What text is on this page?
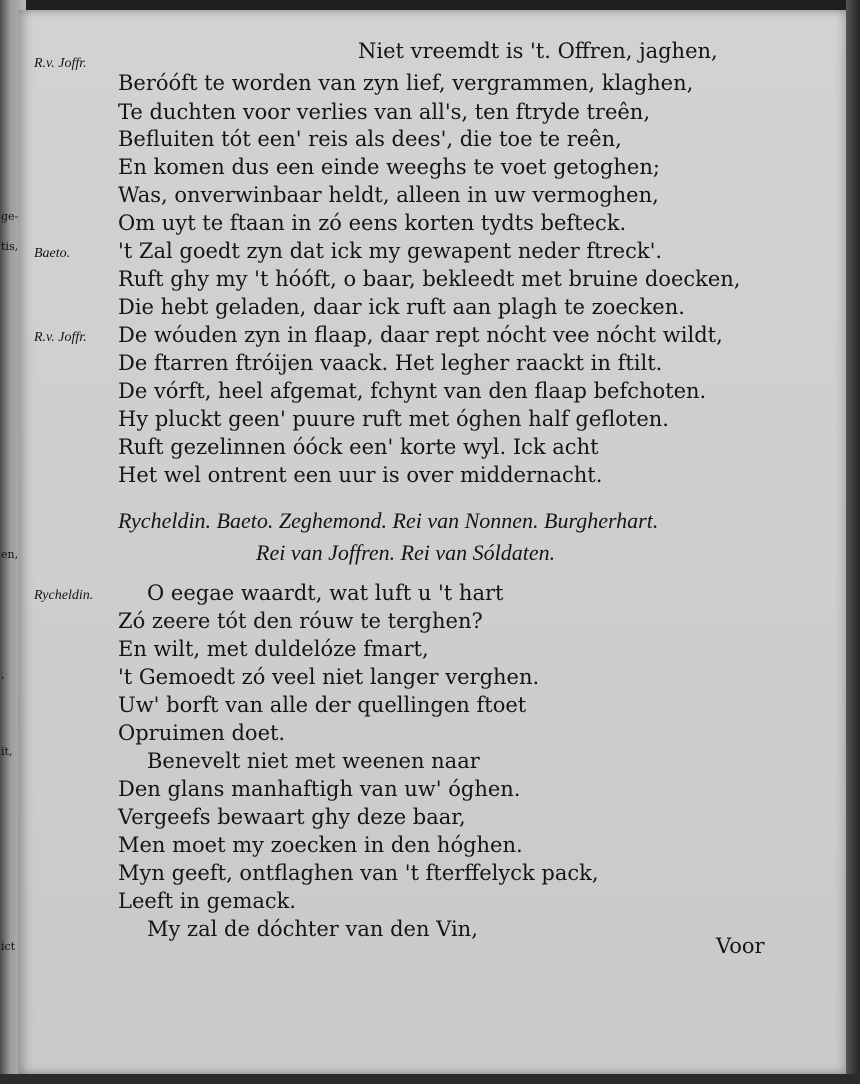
ge-
tis,
en,
,
it,
ict
R.v. Joffr.
Niet vreemdt is 't. Offren, jaghen,
Beróóft te worden van zyn lief, vergrammen, klaghen,
Te duchten voor verlies van all's, ten ftryde treên,
Befluiten tót een' reis als dees', die toe te reên,
En komen dus een einde weeghs te voet getoghen;
Was, onverwinbaar heldt, alleen in uw vermoghen,
Om uyt te ftaan in zó eens korten tydts befteck.
Baeto. 't Zal goedt zyn dat ick my gewapent neder ftreck'.
Ruft ghy my 't hóóft, o baar, bekleedt met bruine doecken,
Die hebt geladen, daar ick ruft aan plagh te zoecken.
R.v. Joffr. De wóuden zyn in flaap, daar rept nócht vee nócht wildt,
De ftarren ftróijen vaack. Het legher raackt in ftilt.
De vórft, heel afgemat, fchynt van den flaap befchoten.
Hy pluckt geen' puure ruft met óghen half gefloten.
Ruft gezelinnen óóck een' korte wyl. Ick acht
Het wel ontrent een uur is over middernacht.
Rycheldin. Baeto. Zeghemond. Rei van Nonnen. Burgherhart.
Rei van Joffren. Rei van Sóldaten.
Rycheldin.	O eegae waardt, wat luft u 't hart
Zó zeere tót den róuw te terghen?
En wilt, met duldelóze fmart,
't Gemoedt zó veel niet langer verghen.
Uw' borft van alle der quellingen ftoet
Opruimen doet.
Benevelt niet met weenen naar
Den glans manhaftigh van uw' óghen.
Vergeefs bewaart ghy deze baar,
Men moet my zoecken in den hóghen.
Myn geeft, ontflaghen van 't fterffelyck pack,
Leeft in gemack.
My zal de dóchter van den Vin,
Voor
